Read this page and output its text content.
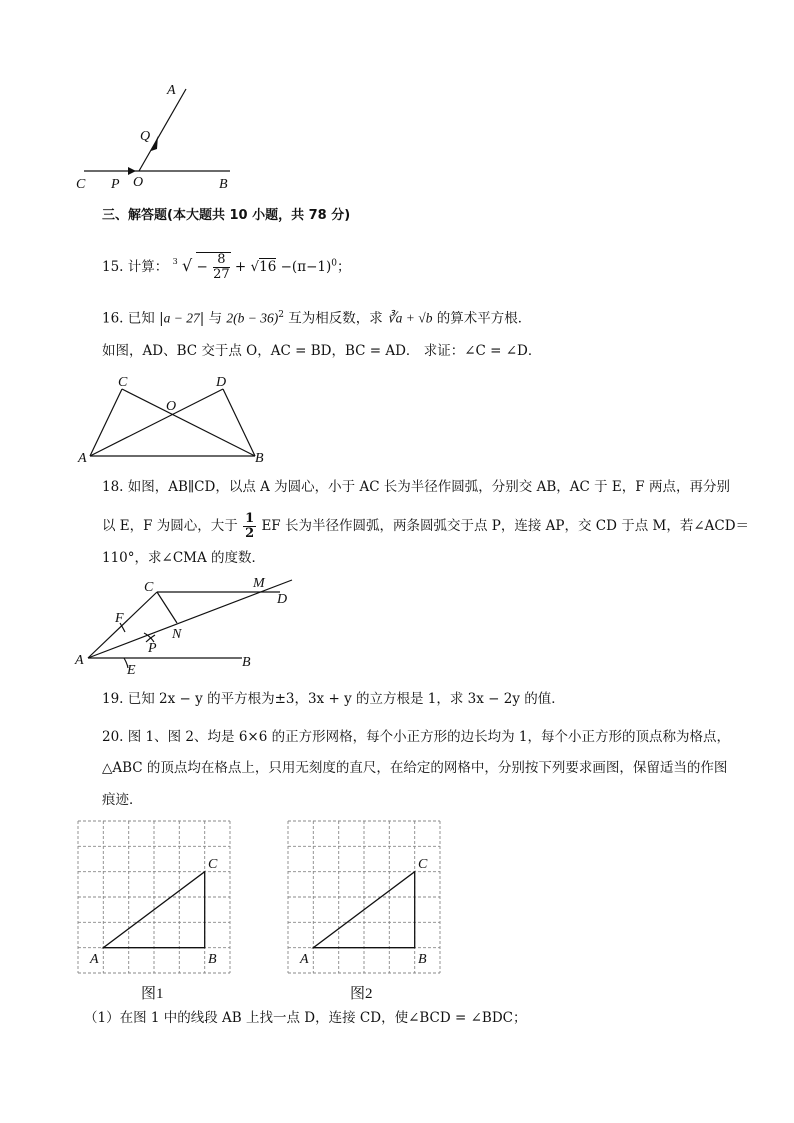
A
Q
C P O	B
三、解答题(本大题共 10 小题，共 78 分)
15. 计算： $^3$ √ − $\frac{8}{27} + √16 -(\pi-1)^0$；
16. 已知 |a − 27| 与 $2(b - 36)^2$ 互为相反数，求 ∛a + √b 的算术平方根．
如图，AD、BC 交于点 O，AC = BD，BC = AD． 求证：∠C = ∠D．
C	D
O
A	B
18. 如图，AB∥CD，以点 A 为圆心，小于 AC 长为半径作圆弧，分别交 AB，AC 于 E，F 两点，再分别
以 E，F 为圆心，大于 $\frac{1}{2}$ EF 长为半径作圆弧，两条圆弧交于点 P，连接 AP，交 CD 于点 M，若∠ACD＝
110°，求∠CMA 的度数．
C	M
D
F
N
P
A
E
B
19. 已知 2x − y 的平方根为±3，3x + y 的立方根是 1，求 3x − 2y 的值．
20. 图 1、图 2、均是 6×6 的正方形网格，每个小正方形的边长均为 1，每个小正方形的顶点称为格点，
△ABC 的顶点均在格点上，只用无刻度的直尺，在给定的网格中，分别按下列要求画图，保留适当的作图
痕迹．
A	B
C
图1
A	B
C
图2
（1）在图 1 中的线段 AB 上找一点 D，连接 CD，使∠BCD = ∠BDC；
